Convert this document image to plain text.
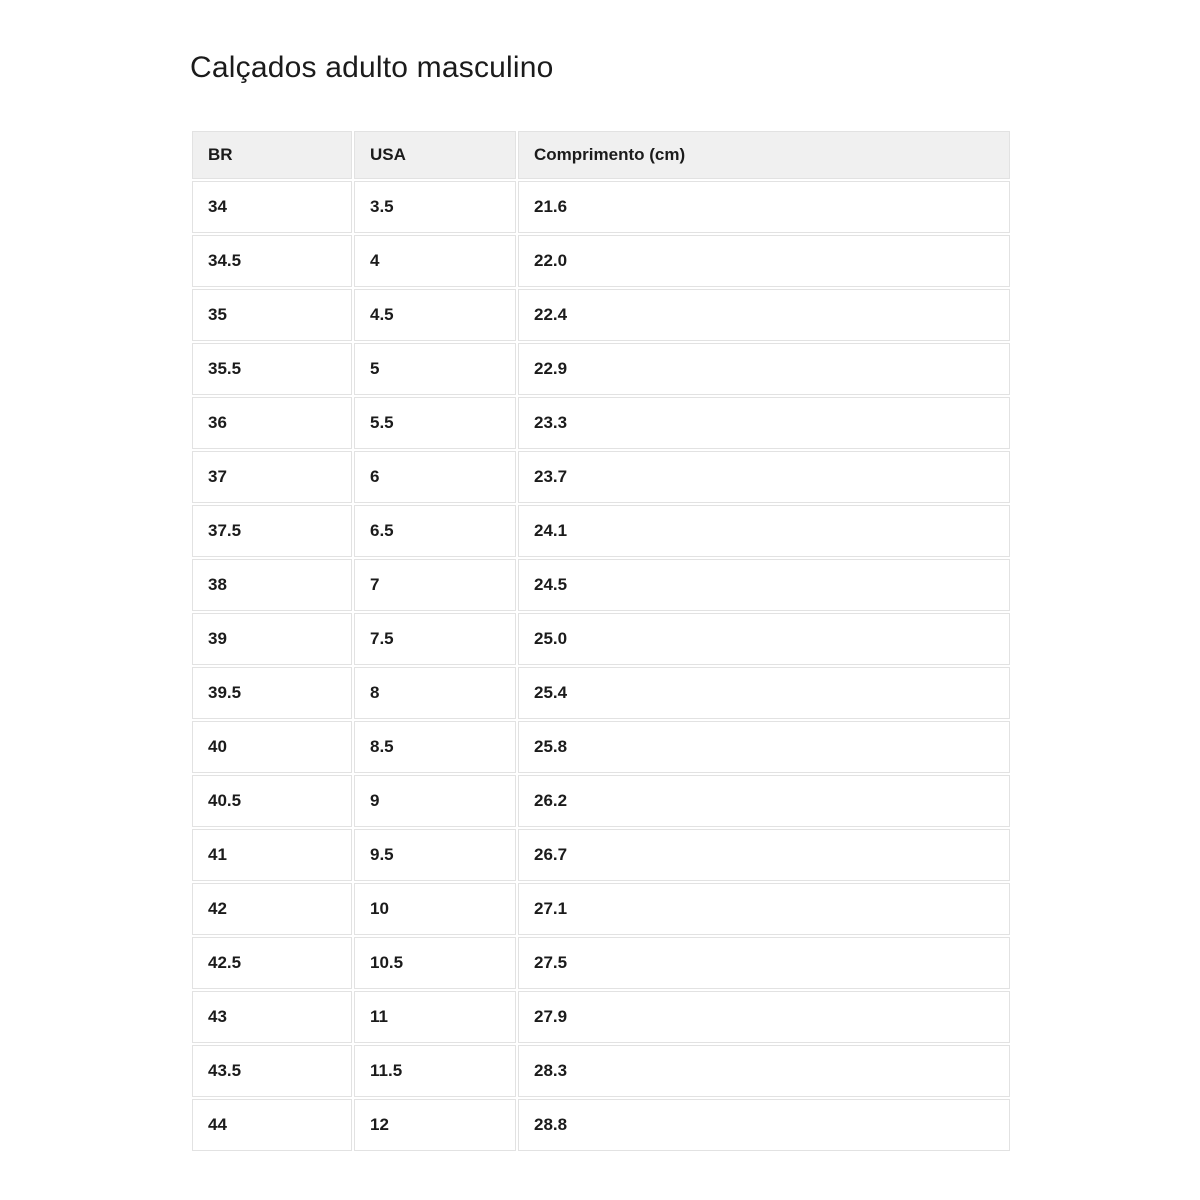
Calçados adulto masculino
BR	USA	Comprimento (cm)
34	3.5	21.6
34.5	4	22.0
35	4.5	22.4
35.5	5	22.9
36	5.5	23.3
37	6	23.7
37.5	6.5	24.1
38	7	24.5
39	7.5	25.0
39.5	8	25.4
40	8.5	25.8
40.5	9	26.2
41	9.5	26.7
42	10	27.1
42.5	10.5	27.5
43	11	27.9
43.5	11.5	28.3
44	12	28.8
